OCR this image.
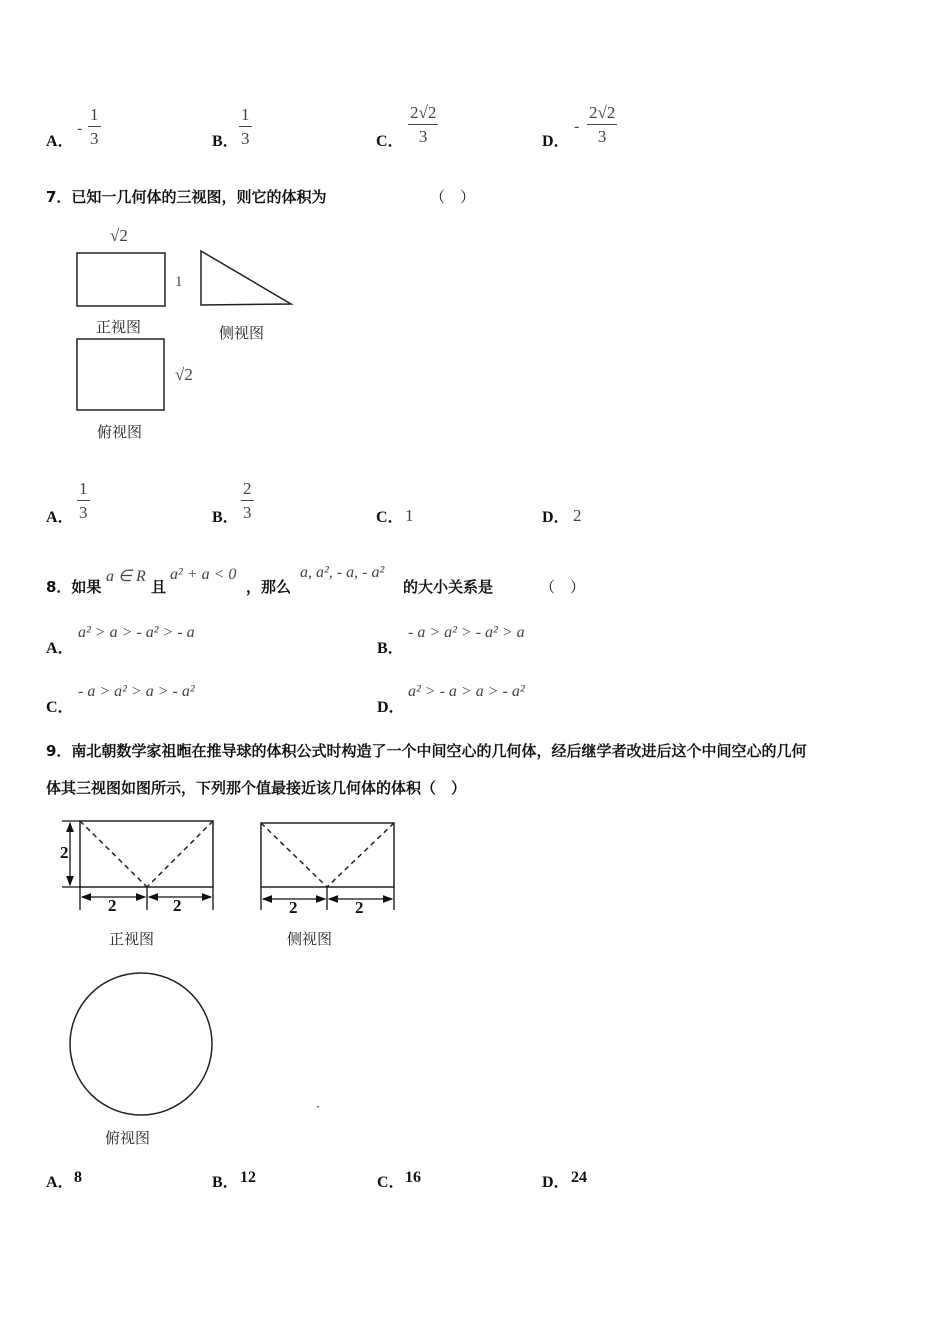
A．
- $\frac{1}{3}$	B． $\frac{1}{3}$	C． $\frac{2√2}{3}$	D．
- $\frac{2√2}{3}$
7．已知一几何体的三视图，则它的体积为	（　）
√2
1
√2
正视图	侧视图
俯视图
A． $\frac{1}{3}$	B． $\frac{2}{3}$	C． 1	D． 2
8．如果
a ∈ R
且
a² + a < 0
，那么
a, a², - a, - a²
的大小关系是	（　）
A．
a² > a > - a² > - a
B．
- a > a² > - a² > a
C．
- a > a² > a > - a²
D．
a² > - a > a > - a²
9．南北朝数学家祖暅在推导球的体积公式时构造了一个中间空心的几何体，经后继学者改进后这个中间空心的几何
体其三视图如图所示，下列那个值最接近该几何体的体积（　）
2
2	2	2	2
正视图	侧视图
俯视图
·
A． 8	B． 12	C． 16	D． 24
